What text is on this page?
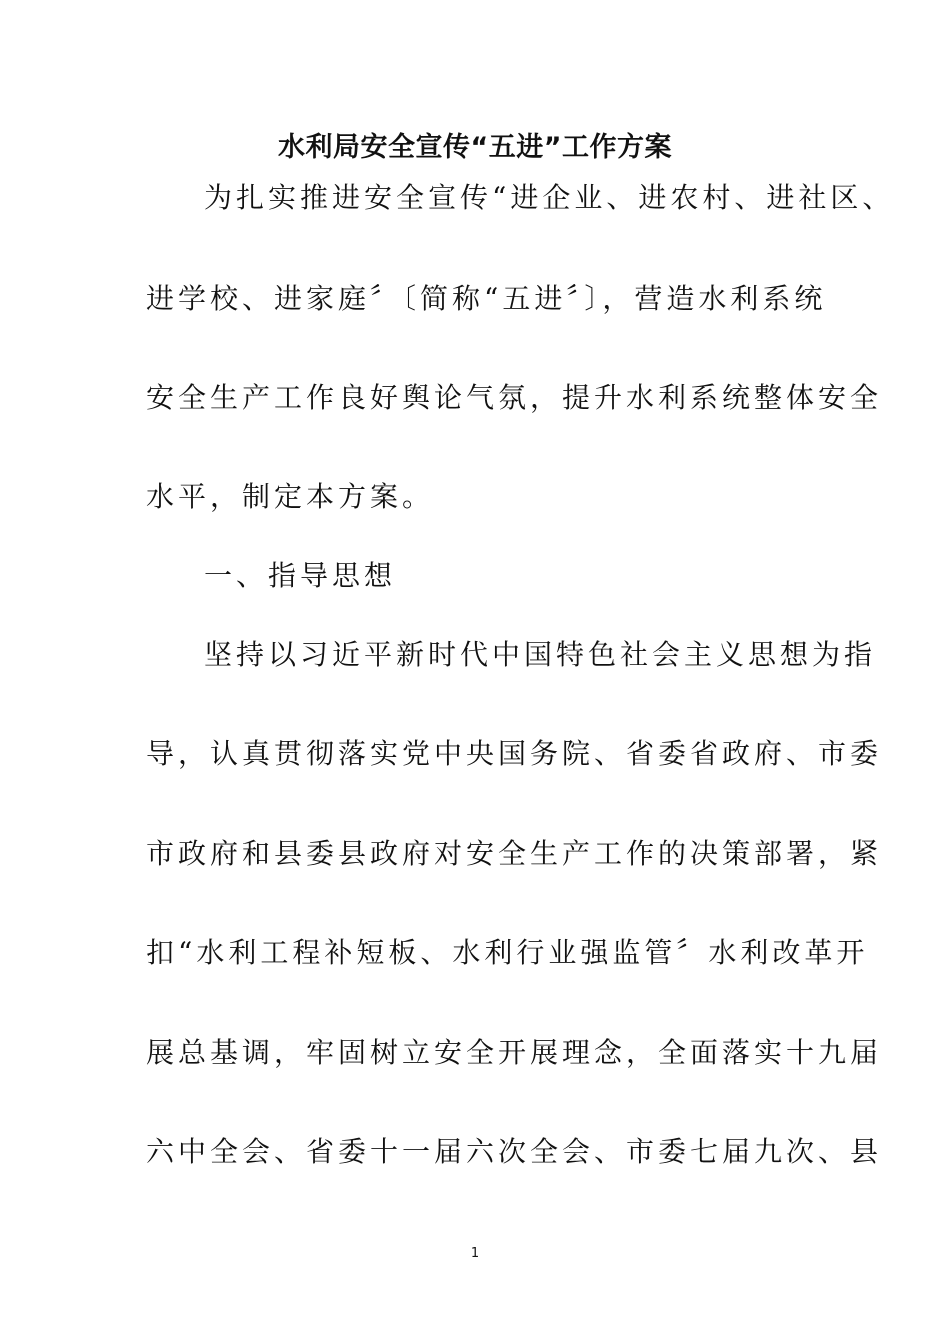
水利局安全宣传“五进”工作方案
为扎实推进安全宣传“进企业、进农村、进社区、
进学校、进家庭〞〔简称“五进〞〕，营造水利系统
安全生产工作良好舆论气氛，提升水利系统整体安全
水平，制定本方案。
一、指导思想
坚持以习近平新时代中国特色社会主义思想为指
导，认真贯彻落实党中央国务院、省委省政府、市委
市政府和县委县政府对安全生产工作的决策部署，紧
扣“水利工程补短板、水利行业强监管〞水利改革开
展总基调，牢固树立安全开展理念，全面落实十九届
六中全会、省委十一届六次全会、市委七届九次、县
1
